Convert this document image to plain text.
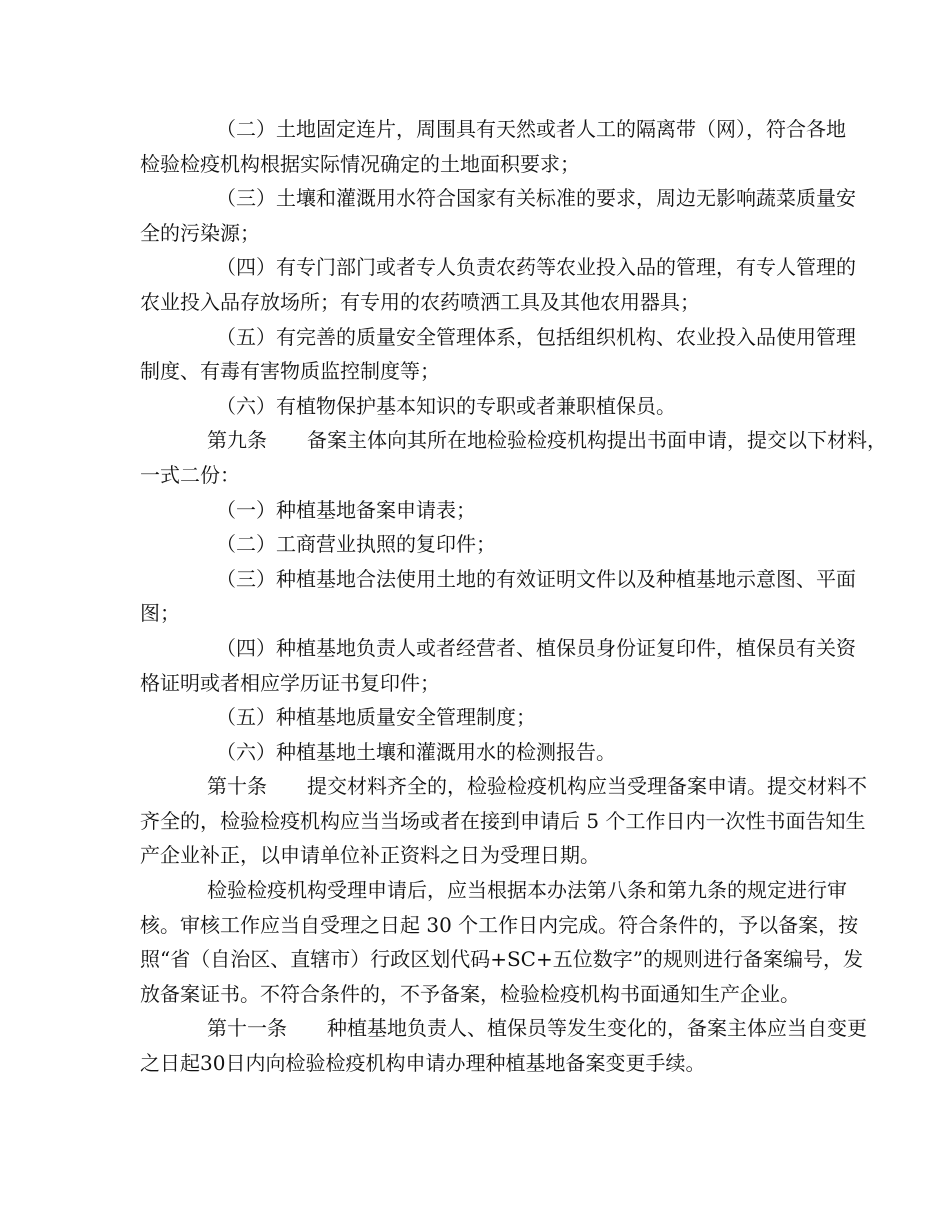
（二）土地固定连片，周围具有天然或者人工的隔离带（网），符合各地
检验检疫机构根据实际情况确定的土地面积要求；
（三）土壤和灌溉用水符合国家有关标准的要求，周边无影响蔬菜质量安
全的污染源；
（四）有专门部门或者专人负责农药等农业投入品的管理，有专人管理的
农业投入品存放场所；有专用的农药喷洒工具及其他农用器具；
（五）有完善的质量安全管理体系，包括组织机构、农业投入品使用管理
制度、有毒有害物质监控制度等；
（六）有植物保护基本知识的专职或者兼职植保员。
第九条　　备案主体向其所在地检验检疫机构提出书面申请，提交以下材料，
一式二份：
（一）种植基地备案申请表；
（二）工商营业执照的复印件；
（三）种植基地合法使用土地的有效证明文件以及种植基地示意图、平面
图；
（四）种植基地负责人或者经营者、植保员身份证复印件，植保员有关资
格证明或者相应学历证书复印件；
（五）种植基地质量安全管理制度；
（六）种植基地土壤和灌溉用水的检测报告。
第十条　　提交材料齐全的，检验检疫机构应当受理备案申请。提交材料不
齐全的，检验检疫机构应当当场或者在接到申请后 5 个工作日内一次性书面告知生
产企业补正，以申请单位补正资料之日为受理日期。
检验检疫机构受理申请后，应当根据本办法第八条和第九条的规定进行审
核。审核工作应当自受理之日起 30 个工作日内完成。符合条件的，予以备案，按
照“省（自治区、直辖市）行政区划代码+SC+五位数字”的规则进行备案编号，发
放备案证书。不符合条件的，不予备案，检验检疫机构书面通知生产企业。
第十一条　　种植基地负责人、植保员等发生变化的，备案主体应当自变更
之日起30日内向检验检疫机构申请办理种植基地备案变更手续。
